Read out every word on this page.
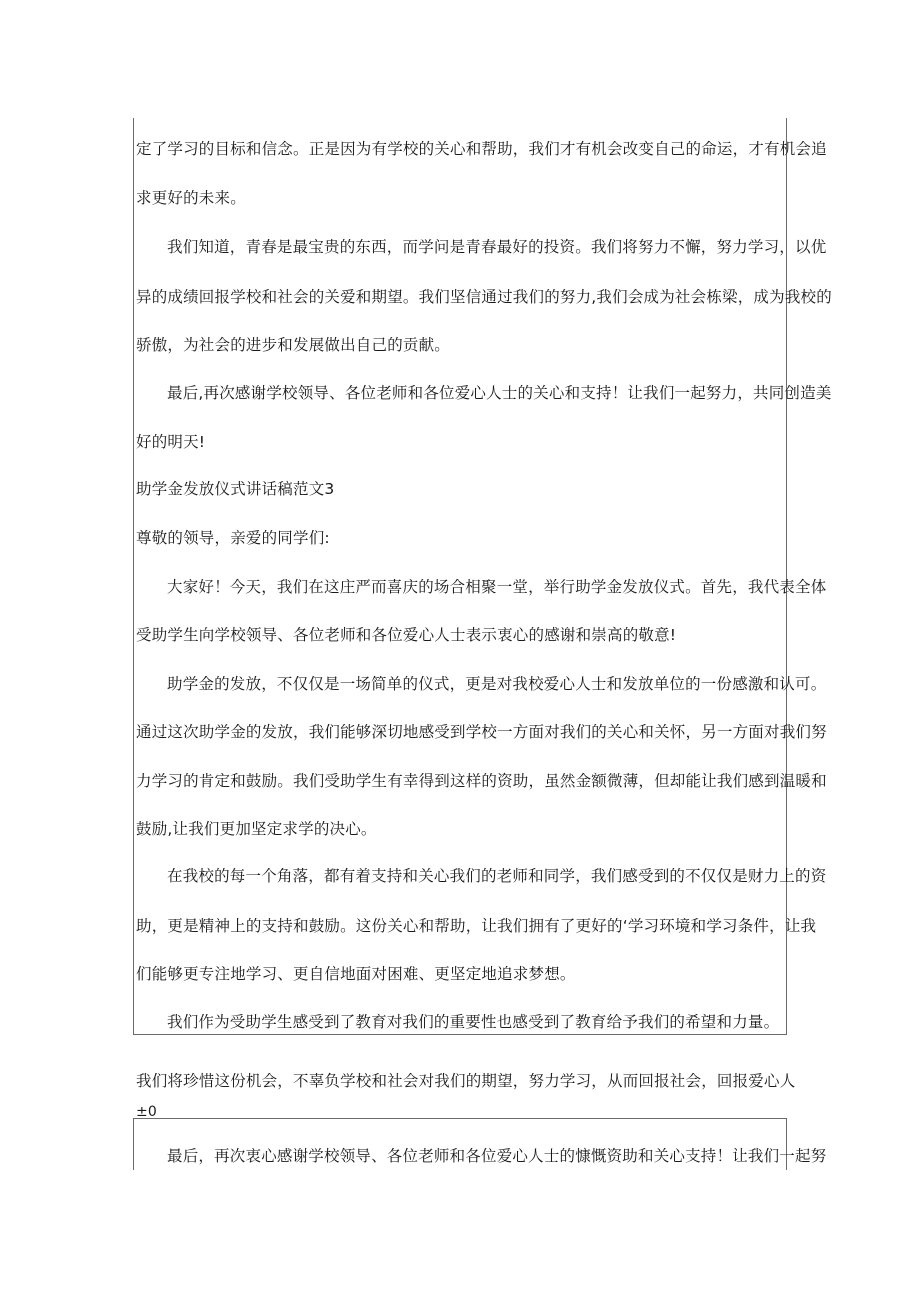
定了学习的目标和信念。正是因为有学校的关心和帮助，我们才有机会改变自己的命运，才有机会追
求更好的未来。
我们知道，青春是最宝贵的东西，而学问是青春最好的投资。我们将努力不懈，努力学习，以优
异的成绩回报学校和社会的关爱和期望。我们坚信通过我们的努力,我们会成为社会栋梁，成为我校的
骄傲，为社会的进步和发展做出自己的贡献。
最后,再次感谢学校领导、各位老师和各位爱心人士的关心和支持！让我们一起努力，共同创造美
好的明天!
助学金发放仪式讲话稿范文3
尊敬的领导，亲爱的同学们:
大家好！今天，我们在这庄严而喜庆的场合相聚一堂，举行助学金发放仪式。首先，我代表全体
受助学生向学校领导、各位老师和各位爱心人士表示衷心的感谢和崇高的敬意!
助学金的发放，不仅仅是一场简单的仪式，更是对我校爱心人士和发放单位的一份感激和认可。
通过这次助学金的发放，我们能够深切地感受到学校一方面对我们的关心和关怀，另一方面对我们努
力学习的肯定和鼓励。我们受助学生有幸得到这样的资助，虽然金额微薄，但却能让我们感到温暖和
鼓励,让我们更加坚定求学的决心。
在我校的每一个角落，都有着支持和关心我们的老师和同学，我们感受到的不仅仅是财力上的资
助，更是精神上的支持和鼓励。这份关心和帮助，让我们拥有了更好的‘学习环境和学习条件，让我
们能够更专注地学习、更自信地面对困难、更坚定地追求梦想。
我们作为受助学生感受到了教育对我们的重要性也感受到了教育给予我们的希望和力量。
我们将珍惜这份机会，不辜负学校和社会对我们的期望，努力学习，从而回报社会，回报爱心人
±0
最后，再次衷心感谢学校领导、各位老师和各位爱心人士的慷慨资助和关心支持！让我们一起努
